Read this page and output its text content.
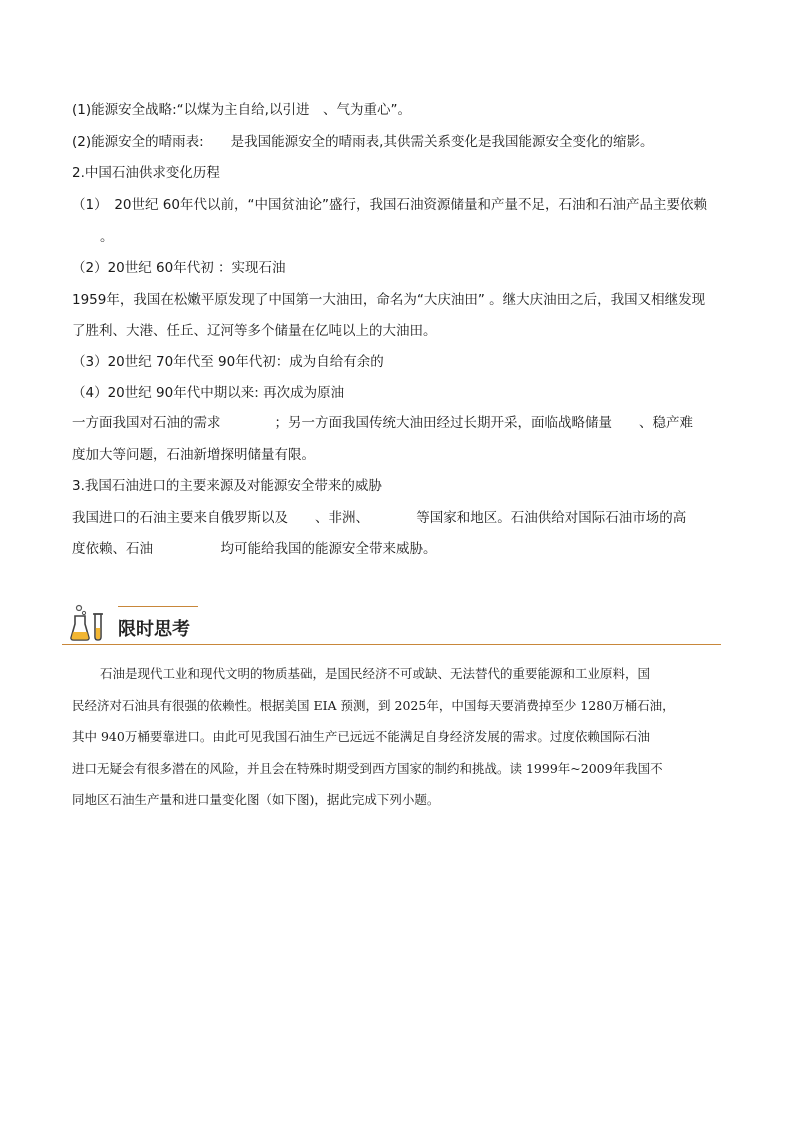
(1)能源安全战略:“以煤为主自给,以引进　、气为重心”。
(2)能源安全的晴雨表:　　是我国能源安全的晴雨表,其供需关系变化是我国能源安全变化的缩影。
2.中国石油供求变化历程
（1）　20世纪 60年代以前，“中国贫油论”盛行，我国石油资源储量和产量不足，石油和石油产品主要依赖
。
（2）20世纪 60年代初 ：实现石油
1959年，我国在松嫩平原发现了中国第一大油田，命名为“大庆油田” 。继大庆油田之后，我国又相继发现
了胜利、大港、任丘、辽河等多个储量在亿吨以上的大油田。
（3）20世纪 70年代至 90年代初：成为自给有余的
（4）20世纪 90年代中期以来: 再次成为原油
一方面我国对石油的需求　　　　；另一方面我国传统大油田经过长期开采，面临战略储量　　、稳产难
度加大等问题，石油新增探明储量有限。
3.我国石油进口的主要来源及对能源安全带来的威胁
我国进口的石油主要来自俄罗斯以及　　、非洲、　　　　等国家和地区。石油供给对国际石油市场的高
度依赖、石油　　　　　均可能给我国的能源安全带来威胁。
限时思考
石油是现代工业和现代文明的物质基础，是国民经济不可或缺、无法替代的重要能源和工业原料，国
民经济对石油具有很强的依赖性。根据美国 EIA 预测，到 2025年，中国每天要消费掉至少 1280万桶石油，
其中 940万桶要靠进口。由此可见我国石油生产已远远不能满足自身经济发展的需求。过度依赖国际石油
进口无疑会有很多潜在的风险，并且会在特殊时期受到西方国家的制约和挑战。读 1999年~2009年我国不
同地区石油生产量和进口量变化图（如下图)，据此完成下列小题。
